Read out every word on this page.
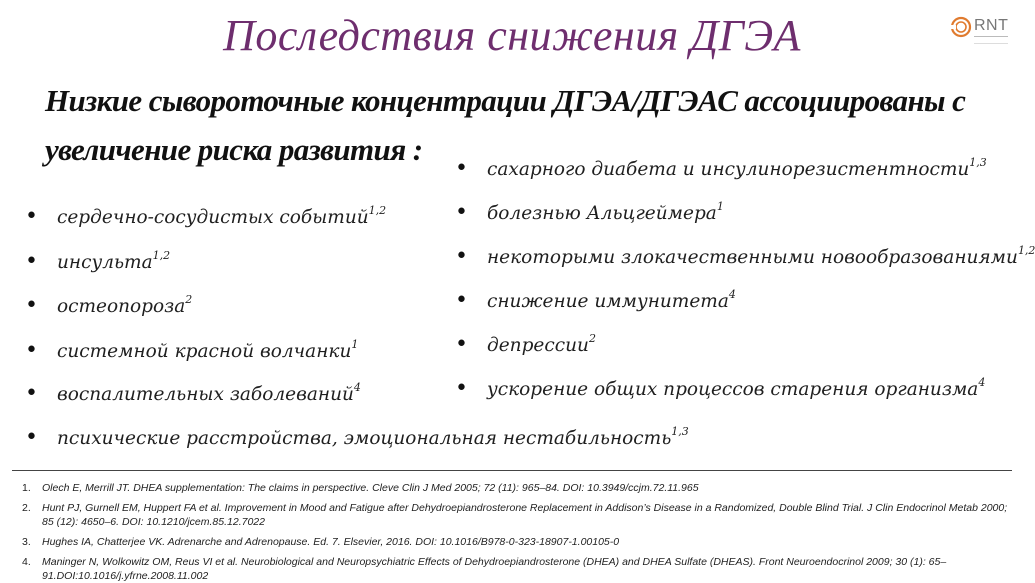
Последствия снижения ДГЭА	RNT
Низкие сывороточные концентрации ДГЭА/ДГЭАС ассоциированы с
увеличение риска развития :
• сахарного диабета и инсулинорезистентности$^{1,3}$
• болезнью Альцгеймера$^1$
• некоторыми злокачественными новообразованиями$^{1,2}$
• снижение иммунитета$^4$
• депрессии$^2$
• ускорение общих процессов старения организма$^4$
• сердечно-сосудистых событий$^{1,2}$
• инсульта$^{1,2}$
• остеопороза$^2$
• системной красной волчанки$^1$
• воспалительных заболеваний$^4$
• психические расстройства, эмоциональная нестабильность$^{1,3}$
1. Olech E, Merrill JT. DHEA supplementation: The claims in perspective. Cleve Clin J Med 2005; 72 (11): 965–84. DOI: 10.3949/ccjm.72.11.965
2. Hunt PJ, Gurnell EM, Huppert FA et al. Improvement in Mood and Fatigue after Dehydroepiandrosterone Replacement in Addison’s Disease in a Randomized, Double Blind Trial. J Clin Endocrinol Metab 2000; 85 (12): 4650–6. DOI: 10.1210/jcem.85.12.7022
3. Hughes IA, Chatterjee VK. Adrenarche and Adrenopause. Ed. 7. Elsevier, 2016. DOI: 10.1016/B978-0-323-18907-1.00105-0
4. Maninger N, Wolkowitz OM, Reus VI et al. Neurobiological and Neuropsychiatric Effects of Dehydroepiandrosterone (DHEA) and DHEA Sulfate (DHEAS). Front Neuroendocrinol 2009; 30 (1): 65–91.DOI:10.1016/j.yfrne.2008.11.002
